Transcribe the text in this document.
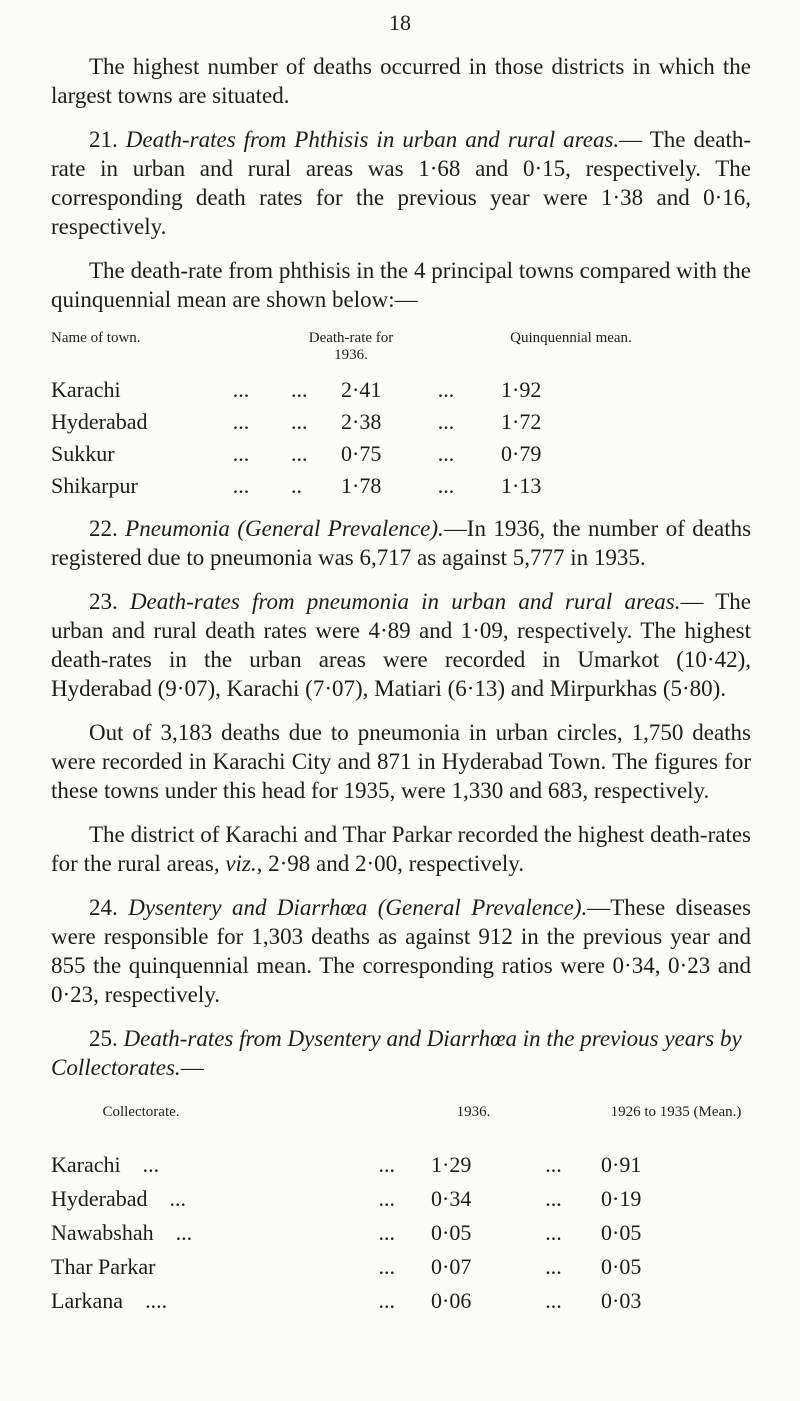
18

The highest number of deaths occurred in those districts in which the largest towns are situated.

21. Death-rates from Phthisis in urban and rural areas.— The death-rate in urban and rural areas was 1·68 and 0·15, respectively. The corresponding death rates for the previous year were 1·38 and 0·16, respectively.

The death-rate from phthisis in the 4 principal towns compared with the quinquennial mean are shown below:—

Name of town.		Death-rate for 1936.		Quinquennial mean.
Karachi	...	... 2·41	...	1·92
Hyderabad	...	... 2·38	...	1·72
Sukkur	...	... 0·75	...	0·79
Shikarpur	...	.. 1·78	...	1·13

22. Pneumonia (General Prevalence).—In 1936, the number of deaths registered due to pneumonia was 6,717 as against 5,777 in 1935.

23. Death-rates from pneumonia in urban and rural areas.— The urban and rural death rates were 4·89 and 1·09, respectively. The highest death-rates in the urban areas were recorded in Umarkot (10·42), Hyderabad (9·07), Karachi (7·07), Matiari (6·13) and Mirpurkhas (5·80).

Out of 3,183 deaths due to pneumonia in urban circles, 1,750 deaths were recorded in Karachi City and 871 in Hyderabad Town. The figures for these towns under this head for 1935, were 1,330 and 683, respectively.

The district of Karachi and Thar Parkar recorded the highest death-rates for the rural areas, viz., 2·98 and 2·00, respectively.

24. Dysentery and Diarrhœa (General Prevalence).—These diseases were responsible for 1,303 deaths as against 912 in the previous year and 855 the quinquennial mean. The corresponding ratios were 0·34, 0·23 and 0·23, respectively.

25. Death-rates from Dysentery and Diarrhœa in the previous years by Collectorates.—

Collectorate.		1936.		1926 to 1935 (Mean.)
Karachi ...	...	1·29	...	0·91
Hyderabad ...	...	0·34	...	0·19
Nawabshah ...	...	0·05	...	0·05
Thar Parkar	...	0·07	...	0·05
Larkana ....	...	0·06	...	0·03
